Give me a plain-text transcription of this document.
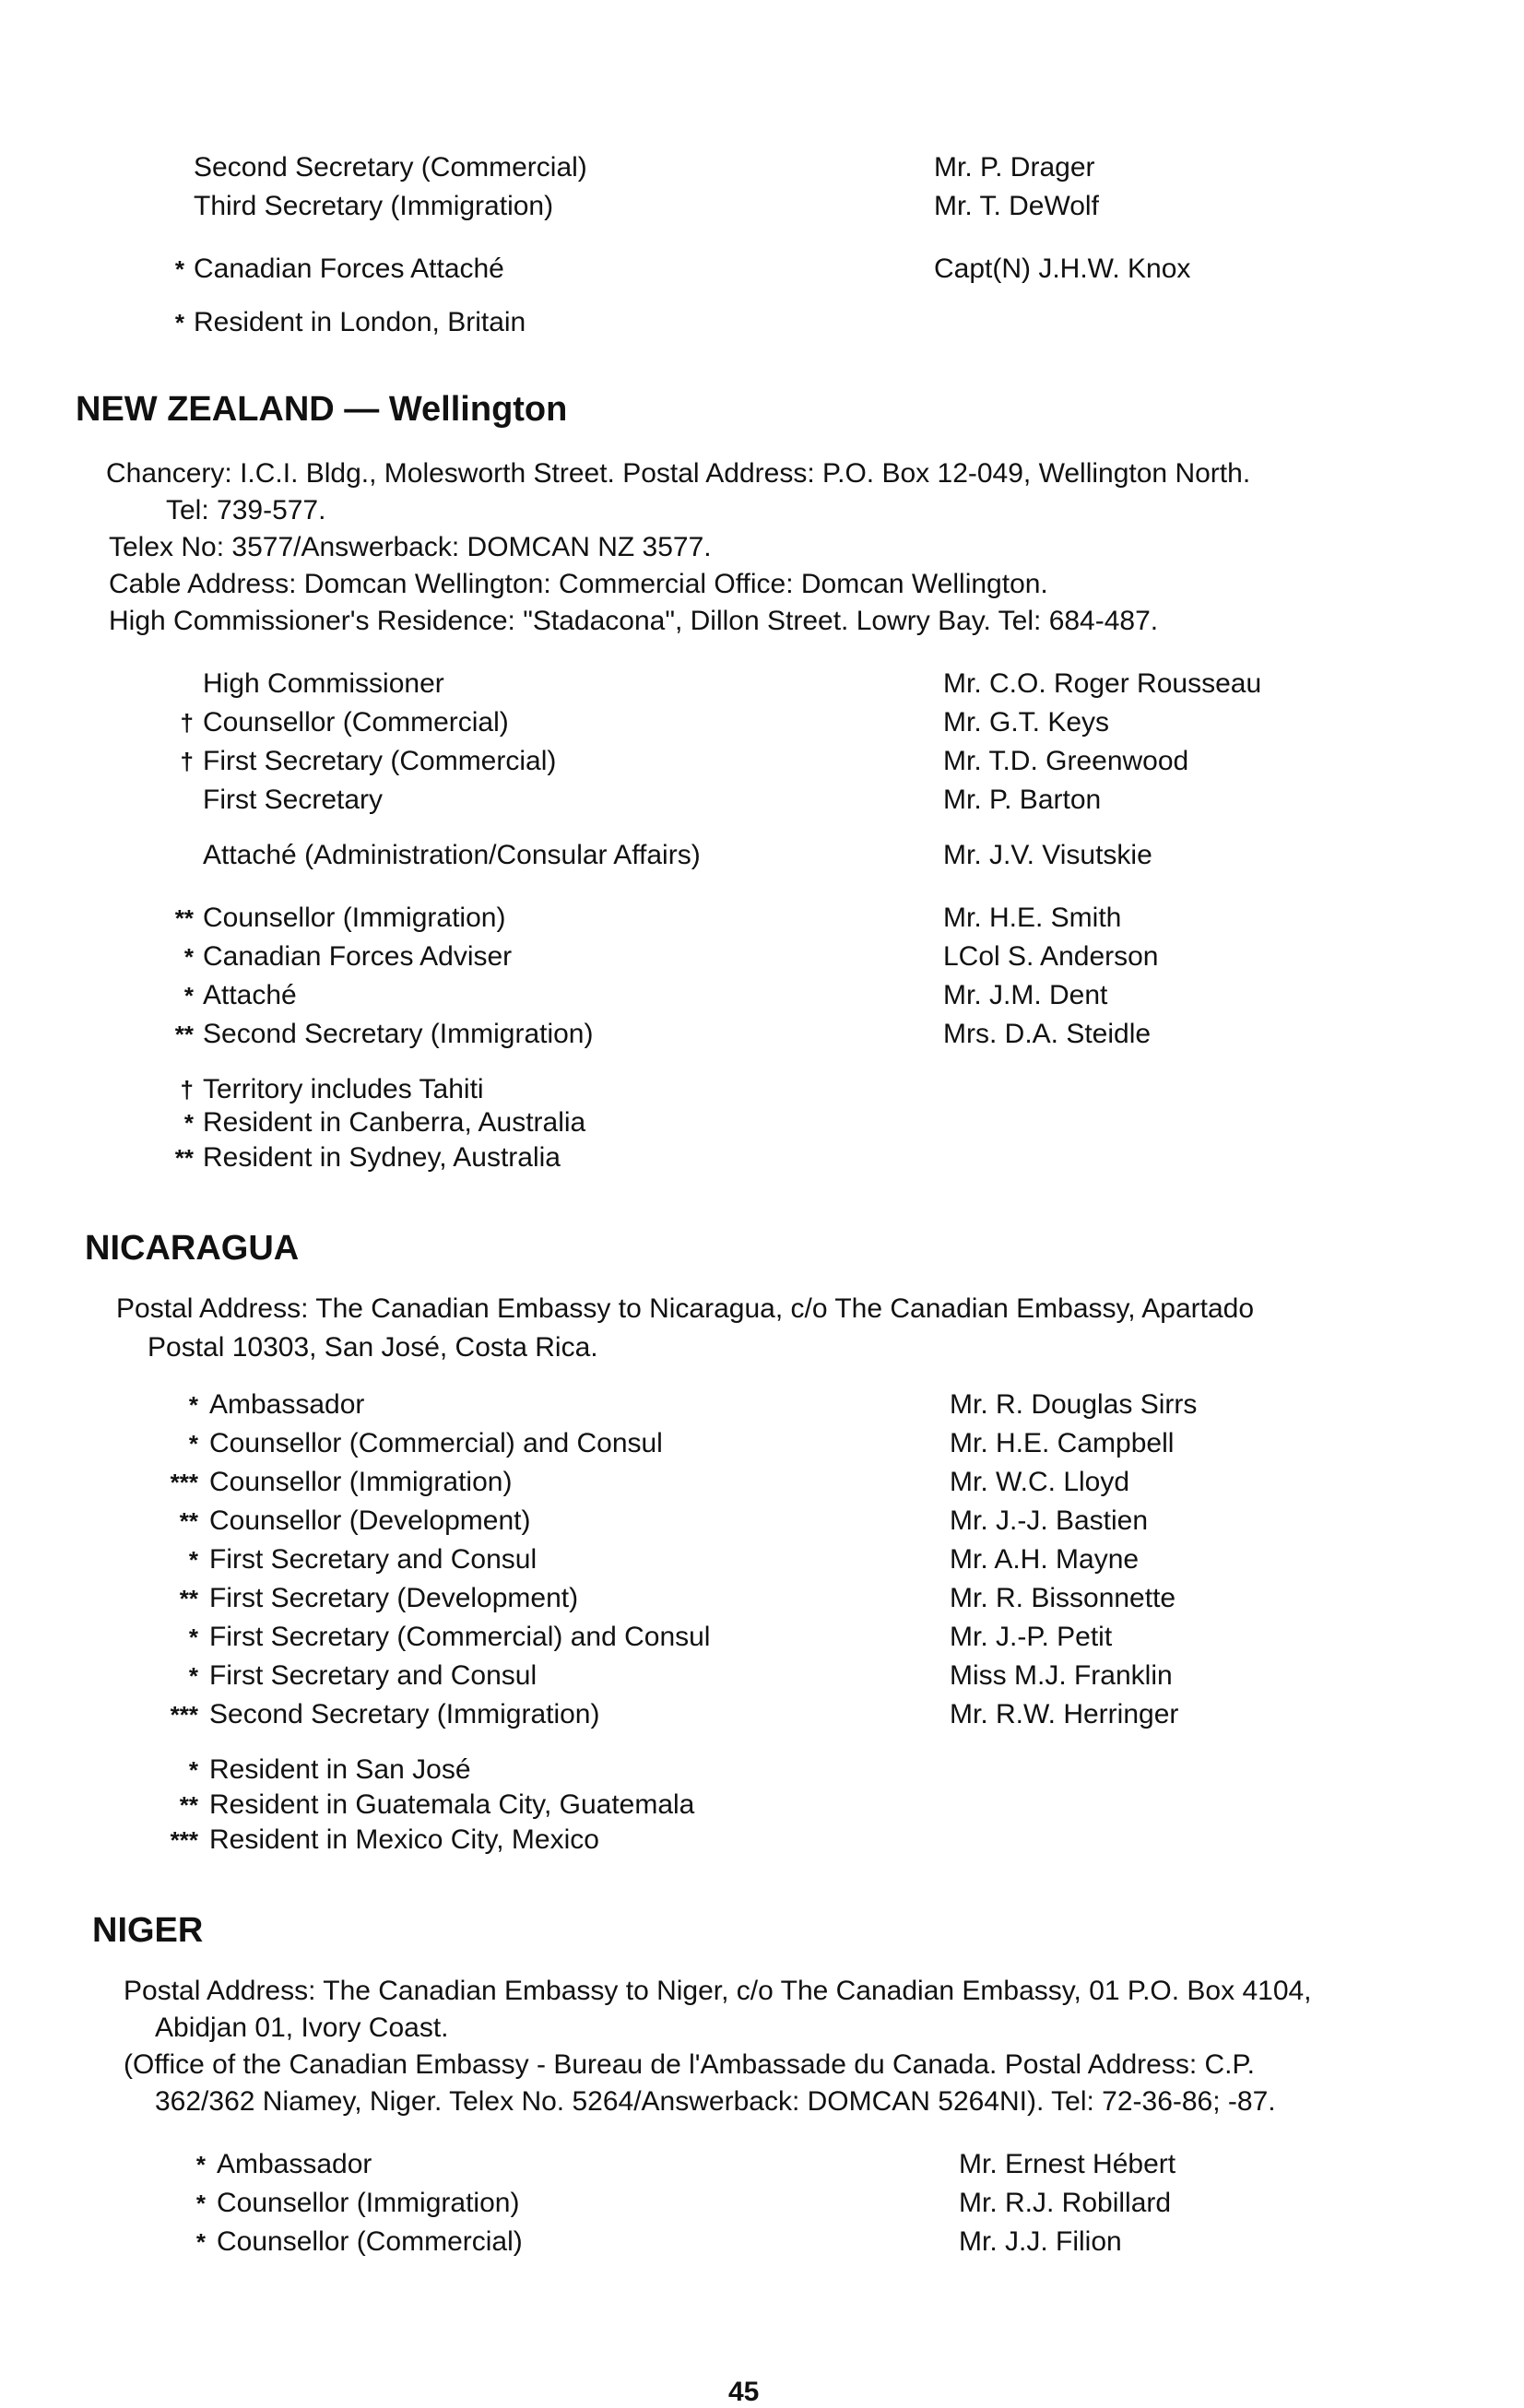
Second Secretary (Commercial)	Mr. P. Drager
Third Secretary (Immigration)	Mr. T. DeWolf
* Canadian Forces Attaché	Capt(N) J.H.W. Knox
* Resident in London, Britain
NEW ZEALAND — Wellington
Chancery: I.C.I. Bldg., Molesworth Street. Postal Address: P.O. Box 12-049, Wellington North.
Tel: 739-577.
Telex No: 3577/Answerback: DOMCAN NZ 3577.
Cable Address: Domcan Wellington: Commercial Office: Domcan Wellington.
High Commissioner's Residence: "Stadacona", Dillon Street. Lowry Bay. Tel: 684-487.
High Commissioner	Mr. C.O. Roger Rousseau
† Counsellor (Commercial)	Mr. G.T. Keys
† First Secretary (Commercial)	Mr. T.D. Greenwood
First Secretary	Mr. P. Barton
Attaché (Administration/Consular Affairs)	Mr. J.V. Visutskie
** Counsellor (Immigration)	Mr. H.E. Smith
* Canadian Forces Adviser	LCol S. Anderson
* Attaché	Mr. J.M. Dent
** Second Secretary (Immigration)	Mrs. D.A. Steidle
† Territory includes Tahiti
* Resident in Canberra, Australia
** Resident in Sydney, Australia
NICARAGUA
Postal Address: The Canadian Embassy to Nicaragua, c/o The Canadian Embassy, Apartado
Postal 10303, San José, Costa Rica.
* Ambassador	Mr. R. Douglas Sirrs
* Counsellor (Commercial) and Consul	Mr. H.E. Campbell
*** Counsellor (Immigration)	Mr. W.C. Lloyd
** Counsellor (Development)	Mr. J.-J. Bastien
* First Secretary and Consul	Mr. A.H. Mayne
** First Secretary (Development)	Mr. R. Bissonnette
* First Secretary (Commercial) and Consul	Mr. J.-P. Petit
* First Secretary and Consul	Miss M.J. Franklin
*** Second Secretary (Immigration)	Mr. R.W. Herringer
* Resident in San José
** Resident in Guatemala City, Guatemala
*** Resident in Mexico City, Mexico
NIGER
Postal Address: The Canadian Embassy to Niger, c/o The Canadian Embassy, 01 P.O. Box 4104,
Abidjan 01, Ivory Coast.
(Office of the Canadian Embassy - Bureau de l'Ambassade du Canada. Postal Address: C.P.
362/362 Niamey, Niger. Telex No. 5264/Answerback: DOMCAN 5264NI). Tel: 72-36-86; -87.
* Ambassador	Mr. Ernest Hébert
* Counsellor (Immigration)	Mr. R.J. Robillard
* Counsellor (Commercial)	Mr. J.J. Filion
45
